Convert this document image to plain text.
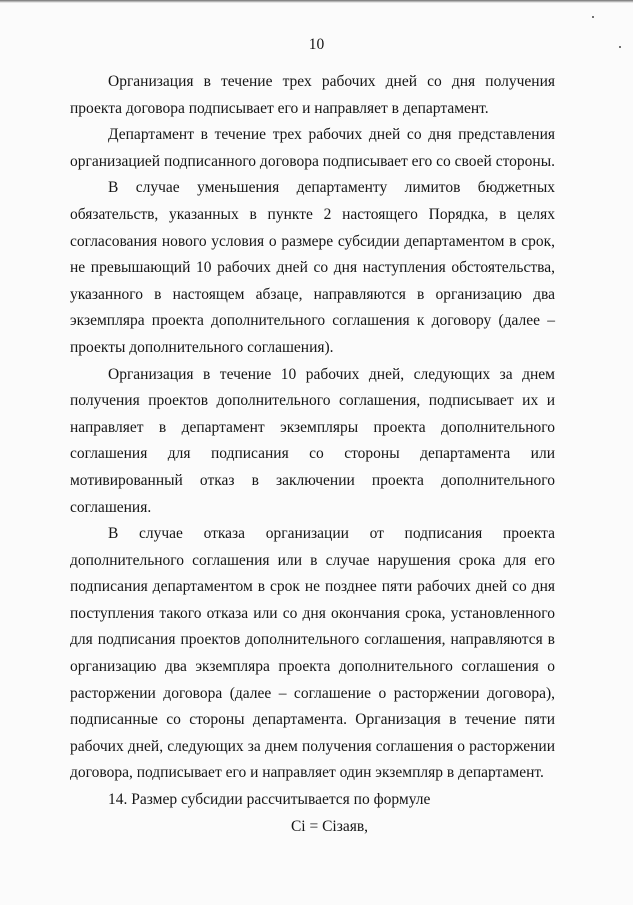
10

Организация в течение трех рабочих дней со дня получения проекта договора подписывает его и направляет в департамент.

Департамент в течение трех рабочих дней со дня представления организацией подписанного договора подписывает его со своей стороны.

В случае уменьшения департаменту лимитов бюджетных обязательств, указанных в пункте 2 настоящего Порядка, в целях согласования нового условия о размере субсидии департаментом в срок, не превышающий 10 рабочих дней со дня наступления обстоятельства, указанного в настоящем абзаце, направляются в организацию два экземпляра проекта дополнительного соглашения к договору (далее – проекты дополнительного соглашения).

Организация в течение 10 рабочих дней, следующих за днем получения проектов дополнительного соглашения, подписывает их и направляет в департамент экземпляры проекта дополнительного соглашения для подписания со стороны департамента или мотивированный отказ в заключении проекта дополнительного соглашения.

В случае отказа организации от подписания проекта дополнительного соглашения или в случае нарушения срока для его подписания департаментом в срок не позднее пяти рабочих дней со дня поступления такого отказа или со дня окончания срока, установленного для подписания проектов дополнительного соглашения, направляются в организацию два экземпляра проекта дополнительного соглашения о расторжении договора (далее – соглашение о расторжении договора), подписанные со стороны департамента. Организация в течение пяти рабочих дней, следующих за днем получения соглашения о расторжении договора, подписывает его и направляет один экземпляр в департамент.

14. Размер субсидии рассчитывается по формуле

Сi = Сiзаяв,
